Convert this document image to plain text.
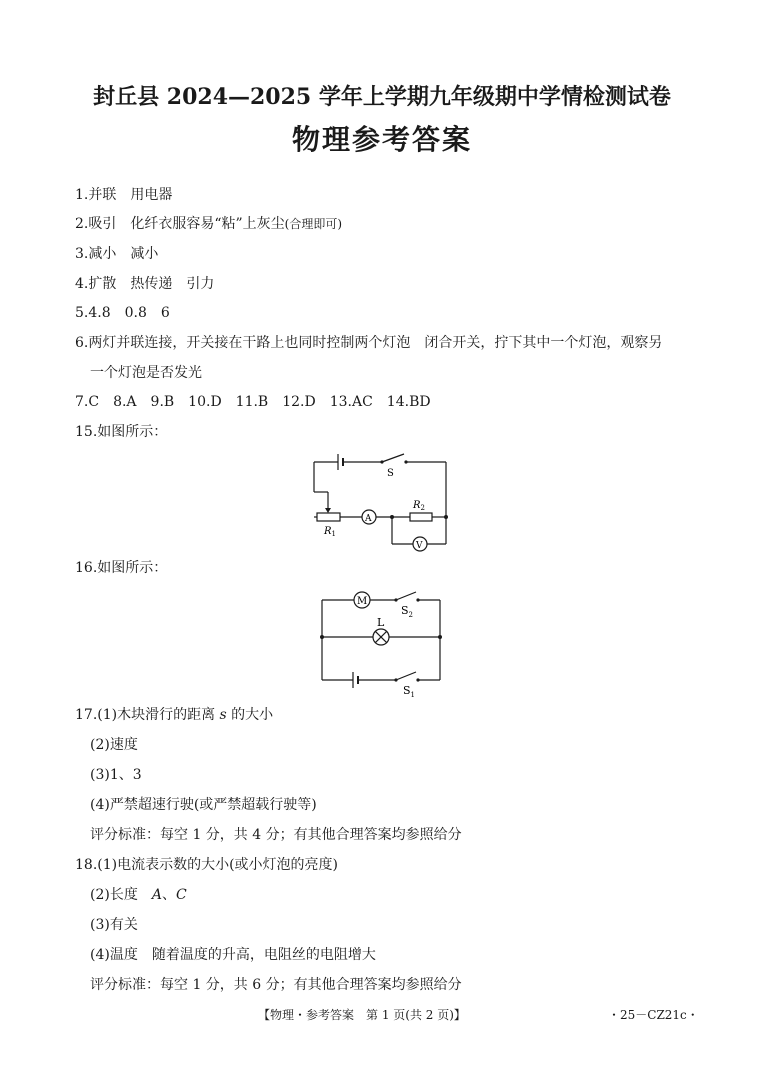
封丘县 2024—2025 学年上学期九年级期中学情检测试卷
物理参考答案
1.并联　用电器
2.吸引　化纤衣服容易“粘”上灰尘(合理即可)
3.减小　减小
4.扩散　热传递　引力
5.4.8　0.8　6
6.两灯并联连接，开关接在干路上也同时控制两个灯泡　闭合开关，拧下其中一个灯泡，观察另
一个灯泡是否发光
7.C　8.A　9.B　10.D　11.B　12.D　13.AC　14.BD
15.如图所示：
S
A
V
$R_1$
$R_2$
16.如图所示：
M
$S_2$
L
$S_1$
17.(1)木块滑行的距离 s 的大小
(2)速度
(3)1、3
(4)严禁超速行驶(或严禁超载行驶等)
评分标准：每空 1 分，共 4 分；有其他合理答案均参照给分
18.(1)电流表示数的大小(或小灯泡的亮度)
(2)长度　A、C
(3)有关
(4)温度　随着温度的升高，电阻丝的电阻增大
评分标准：每空 1 分，共 6 分；有其他合理答案均参照给分
【物理・参考答案　第 1 页(共 2 页)】	・25－CZ21c・
